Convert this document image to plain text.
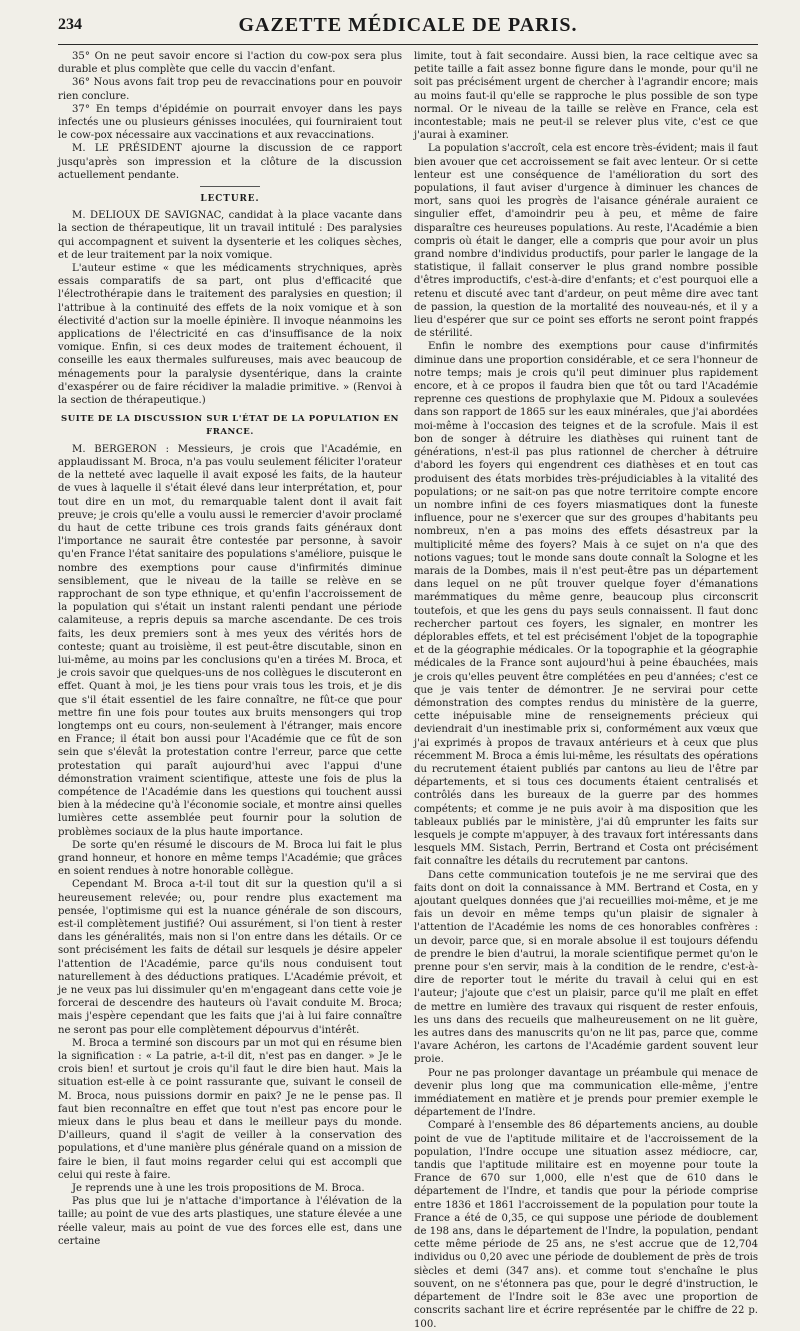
234	GAZETTE MÉDICALE DE PARIS.

35° On ne peut savoir encore si l'action du cow-pox sera plus durable et plus complète que celle du vaccin d'enfant.

36° Nous avons fait trop peu de revaccinations pour en pouvoir rien conclure.

37° En temps d'épidémie on pourrait envoyer dans les pays infectés une ou plusieurs génisses inoculées, qui fourniraient tout le cow-pox nécessaire aux vaccinations et aux revaccinations.

M. LE PRÉSIDENT ajourne la discussion de ce rapport jusqu'après son impression et la clôture de la discussion actuellement pendante.

LECTURE.

M. DELIOUX DE SAVIGNAC, candidat à la place vacante dans la section de thérapeutique, lit un travail intitulé : Des paralysies qui accompagnent et suivent la dysenterie et les coliques sèches, et de leur traitement par la noix vomique.

L'auteur estime « que les médicaments strychniques, après essais comparatifs de sa part, ont plus d'efficacité que l'électrothérapie dans le traitement des paralysies en question; il l'attribue à la continuité des effets de la noix vomique et à son électivité d'action sur la moelle épinière. Il invoque néanmoins les applications de l'électricité en cas d'insuffisance de la noix vomique. Enfin, si ces deux modes de traitement échouent, il conseille les eaux thermales sulfureuses, mais avec beaucoup de ménagements pour la paralysie dysentérique, dans la crainte d'exaspérer ou de faire récidiver la maladie primitive. » (Renvoi à la section de thérapeutique.)

SUITE DE LA DISCUSSION SUR L'ÉTAT DE LA POPULATION EN FRANCE.

M. BERGERON : Messieurs, je crois que l'Académie, en applaudissant M. Broca, n'a pas voulu seulement féliciter l'orateur de la netteté avec laquelle il avait exposé les faits, de la hauteur de vues à laquelle il s'était élevé dans leur interprétation, et, pour tout dire en un mot, du remarquable talent dont il avait fait preuve; je crois qu'elle a voulu aussi le remercier d'avoir proclamé du haut de cette tribune ces trois grands faits généraux dont l'importance ne saurait être contestée par personne, à savoir qu'en France l'état sanitaire des populations s'améliore, puisque le nombre des exemptions pour cause d'infirmités diminue sensiblement, que le niveau de la taille se relève en se rapprochant de son type ethnique, et qu'enfin l'accroissement de la population qui s'était un instant ralenti pendant une période calamiteuse, a repris depuis sa marche ascendante. De ces trois faits, les deux premiers sont à mes yeux des vérités hors de conteste; quant au troisième, il est peut-être discutable, sinon en lui-même, au moins par les conclusions qu'en a tirées M. Broca, et je crois savoir que quelques-uns de nos collègues le discuteront en effet. Quant à moi, je les tiens pour vrais tous les trois, et je dis que s'il était essentiel de les faire connaître, ne fût-ce que pour mettre fin une fois pour toutes aux bruits mensongers qui trop longtemps ont eu cours, non-seulement à l'étranger, mais encore en France; il était bon aussi pour l'Académie que ce fût de son sein que s'élevât la protestation contre l'erreur, parce que cette protestation qui paraît aujourd'hui avec l'appui d'une démonstration vraiment scientifique, atteste une fois de plus la compétence de l'Académie dans les questions qui touchent aussi bien à la médecine qu'à l'économie sociale, et montre ainsi quelles lumières cette assemblée peut fournir pour la solution de problèmes sociaux de la plus haute importance.

De sorte qu'en résumé le discours de M. Broca lui fait le plus grand honneur, et honore en même temps l'Académie; que grâces en soient rendues à notre honorable collègue.

Cependant M. Broca a-t-il tout dit sur la question qu'il a si heureusement relevée; ou, pour rendre plus exactement ma pensée, l'optimisme qui est la nuance générale de son discours, est-il complètement justifié? Oui assurément, si l'on tient à rester dans les généralités, mais non si l'on entre dans les détails. Or ce sont précisément les faits de détail sur lesquels je désire appeler l'attention de l'Académie, parce qu'ils nous conduisent tout naturellement à des déductions pratiques. L'Académie prévoit, et je ne veux pas lui dissimuler qu'en m'engageant dans cette voie je forcerai de descendre des hauteurs où l'avait conduite M. Broca; mais j'espère cependant que les faits que j'ai à lui faire connaître ne seront pas pour elle complètement dépourvus d'intérêt.

M. Broca a terminé son discours par un mot qui en résume bien la signification : « La patrie, a-t-il dit, n'est pas en danger. » Je le crois bien! et surtout je crois qu'il faut le dire bien haut. Mais la situation est-elle à ce point rassurante que, suivant le conseil de M. Broca, nous puissions dormir en paix? Je ne le pense pas. Il faut bien reconnaître en effet que tout n'est pas encore pour le mieux dans le plus beau et dans le meilleur pays du monde. D'ailleurs, quand il s'agit de veiller à la conservation des populations, et d'une manière plus générale quand on a mission de faire le bien, il faut moins regarder celui qui est accompli que celui qui reste à faire.

Je reprends une à une les trois propositions de M. Broca.

Pas plus que lui je n'attache d'importance à l'élévation de la taille; au point de vue des arts plastiques, une stature élevée a une réelle valeur, mais au point de vue des forces elle est, dans une certaine

limite, tout à fait secondaire. Aussi bien, la race celtique avec sa petite taille a fait assez bonne figure dans le monde, pour qu'il ne soit pas précisément urgent de chercher à l'agrandir encore; mais au moins faut-il qu'elle se rapproche le plus possible de son type normal. Or le niveau de la taille se relève en France, cela est incontestable; mais ne peut-il se relever plus vite, c'est ce que j'aurai à examiner.

La population s'accroît, cela est encore très-évident; mais il faut bien avouer que cet accroissement se fait avec lenteur. Or si cette lenteur est une conséquence de l'amélioration du sort des populations, il faut aviser d'urgence à diminuer les chances de mort, sans quoi les progrès de l'aisance générale auraient ce singulier effet, d'amoindrir peu à peu, et même de faire disparaître ces heureuses populations. Au reste, l'Académie a bien compris où était le danger, elle a compris que pour avoir un plus grand nombre d'individus productifs, pour parler le langage de la statistique, il fallait conserver le plus grand nombre possible d'êtres improductifs, c'est-à-dire d'enfants; et c'est pourquoi elle a retenu et discuté avec tant d'ardeur, on peut même dire avec tant de passion, la question de la mortalité des nouveau-nés, et il y a lieu d'espérer que sur ce point ses efforts ne seront point frappés de stérilité.

Enfin le nombre des exemptions pour cause d'infirmités diminue dans une proportion considérable, et ce sera l'honneur de notre temps; mais je crois qu'il peut diminuer plus rapidement encore, et à ce propos il faudra bien que tôt ou tard l'Académie reprenne ces questions de prophylaxie que M. Pidoux a soulevées dans son rapport de 1865 sur les eaux minérales, que j'ai abordées moi-même à l'occasion des teignes et de la scrofule. Mais il est bon de songer à détruire les diathèses qui ruinent tant de générations, n'est-il pas plus rationnel de chercher à détruire d'abord les foyers qui engendrent ces diathèses et en tout cas produisent des états morbides très-préjudiciables à la vitalité des populations; or ne sait-on pas que notre territoire compte encore un nombre infini de ces foyers miasmatiques dont la funeste influence, pour ne s'exercer que sur des groupes d'habitants peu nombreux, n'en a pas moins des effets désastreux par la multiplicité même des foyers? Mais à ce sujet on n'a que des notions vagues; tout le monde sans doute connaît la Sologne et les marais de la Dombes, mais il n'est peut-être pas un département dans lequel on ne pût trouver quelque foyer d'émanations marémmatiques du même genre, beaucoup plus circonscrit toutefois, et que les gens du pays seuls connaissent. Il faut donc rechercher partout ces foyers, les signaler, en montrer les déplorables effets, et tel est précisément l'objet de la topographie et de la géographie médicales. Or la topographie et la géographie médicales de la France sont aujourd'hui à peine ébauchées, mais je crois qu'elles peuvent être complétées en peu d'années; c'est ce que je vais tenter de démontrer. Je ne servirai pour cette démonstration des comptes rendus du ministère de la guerre, cette inépuisable mine de renseignements précieux qui deviendrait d'un inestimable prix si, conformément aux vœux que j'ai exprimés à propos de travaux antérieurs et à ceux que plus récemment M. Broca a émis lui-même, les résultats des opérations du recrutement étaient publiés par cantons au lieu de l'être par départements, et si tous ces documents étaient centralisés et contrôlés dans les bureaux de la guerre par des hommes compétents; et comme je ne puis avoir à ma disposition que les tableaux publiés par le ministère, j'ai dû emprunter les faits sur lesquels je compte m'appuyer, à des travaux fort intéressants dans lesquels MM. Sistach, Perrin, Bertrand et Costa ont précisément fait connaître les détails du recrutement par cantons.

Dans cette communication toutefois je ne me servirai que des faits dont on doit la connaissance à MM. Bertrand et Costa, en y ajoutant quelques données que j'ai recueillies moi-même, et je me fais un devoir en même temps qu'un plaisir de signaler à l'attention de l'Académie les noms de ces honorables confrères : un devoir, parce que, si en morale absolue il est toujours défendu de prendre le bien d'autrui, la morale scientifique permet qu'on le prenne pour s'en servir, mais à la condition de le rendre, c'est-à-dire de reporter tout le mérite du travail à celui qui en est l'auteur; j'ajoute que c'est un plaisir, parce qu'il me plaît en effet de mettre en lumière des travaux qui risquent de rester enfouis, les uns dans des recueils que malheureusement on ne lit guère, les autres dans des manuscrits qu'on ne lit pas, parce que, comme l'avare Achéron, les cartons de l'Académie gardent souvent leur proie.

Pour ne pas prolonger davantage un préambule qui menace de devenir plus long que ma communication elle-même, j'entre immédiatement en matière et je prends pour premier exemple le département de l'Indre.

Comparé à l'ensemble des 86 départements anciens, au double point de vue de l'aptitude militaire et de l'accroissement de la population, l'Indre occupe une situation assez médiocre, car, tandis que l'aptitude militaire est en moyenne pour toute la France de 670 sur 1,000, elle n'est que de 610 dans le département de l'Indre, et tandis que pour la période comprise entre 1836 et 1861 l'accroissement de la population pour toute la France a été de 0,35, ce qui suppose une période de doublement de 198 ans, dans le département de l'Indre, la population, pendant cette même période de 25 ans, ne s'est accrue que de 12,704 individus ou 0,20 avec une période de doublement de près de trois siècles et demi (347 ans). et comme tout s'enchaîne le plus souvent, on ne s'étonnera pas que, pour le degré d'instruction, le département de l'Indre soit le 83e avec une proportion de conscrits sachant lire et écrire représentée par le chiffre de 22 p. 100.
